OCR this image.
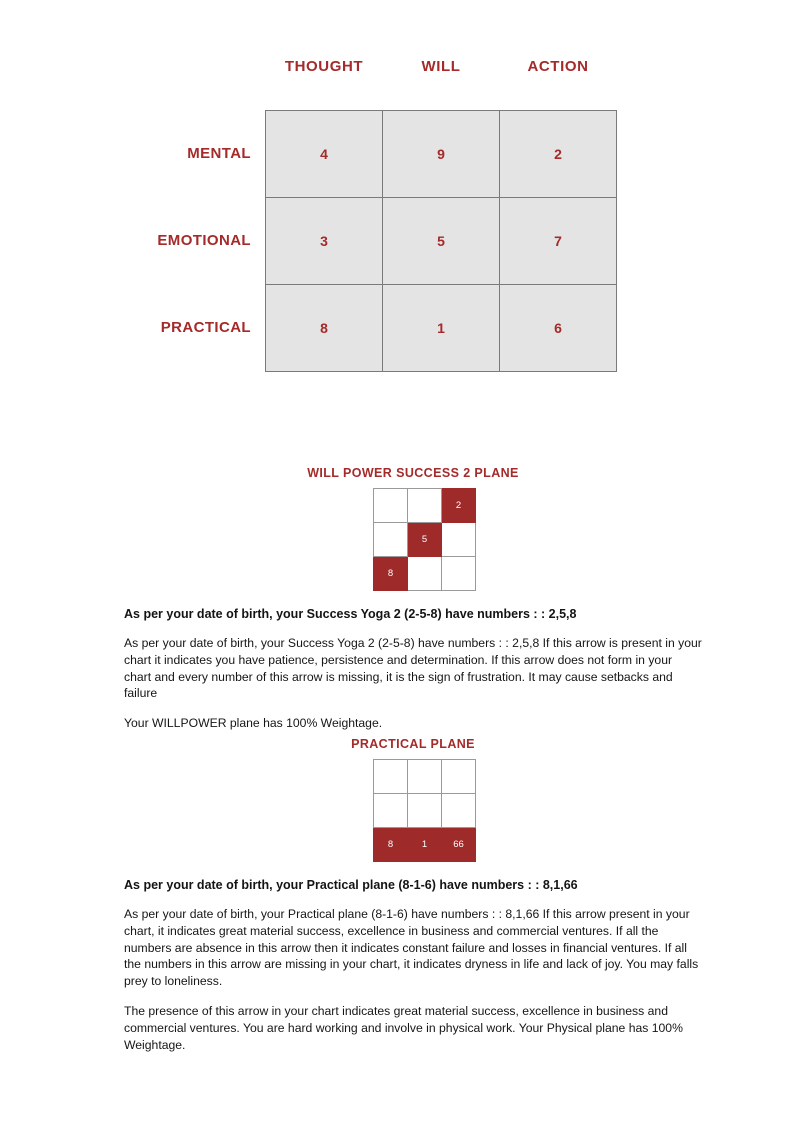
	THOUGHT	WILL	ACTION
MENTAL	4	9	2
EMOTIONAL	3	5	7
PRACTICAL	8	1	6
WILL POWER SUCCESS 2 PLANE
		2
	5	
8		

As per your date of birth, your Success Yoga 2 (2-5-8) have numbers : : 2,5,8

As per your date of birth, your Success Yoga 2 (2-5-8) have numbers : : 2,5,8 If this arrow is present in your chart it indicates you have patience, persistence and determination. If this arrow does not form in your chart and every number of this arrow is missing, it is the sign of frustration. It may cause setbacks and failure

Your WILLPOWER plane has 100% Weightage.

PRACTICAL PLANE

8	1	66

As per your date of birth, your Practical plane (8-1-6) have numbers : : 8,1,66

As per your date of birth, your Practical plane (8-1-6) have numbers : : 8,1,66 If this arrow present in your chart, it indicates great material success, excellence in business and commercial ventures. If all the numbers are absence in this arrow then it indicates constant failure and losses in financial ventures. If all the numbers in this arrow are missing in your chart, it indicates dryness in life and lack of joy. You may falls prey to loneliness.

The presence of this arrow in your chart indicates great material success, excellence in business and commercial ventures. You are hard working and involve in physical work. Your Physical plane has 100% Weightage.
